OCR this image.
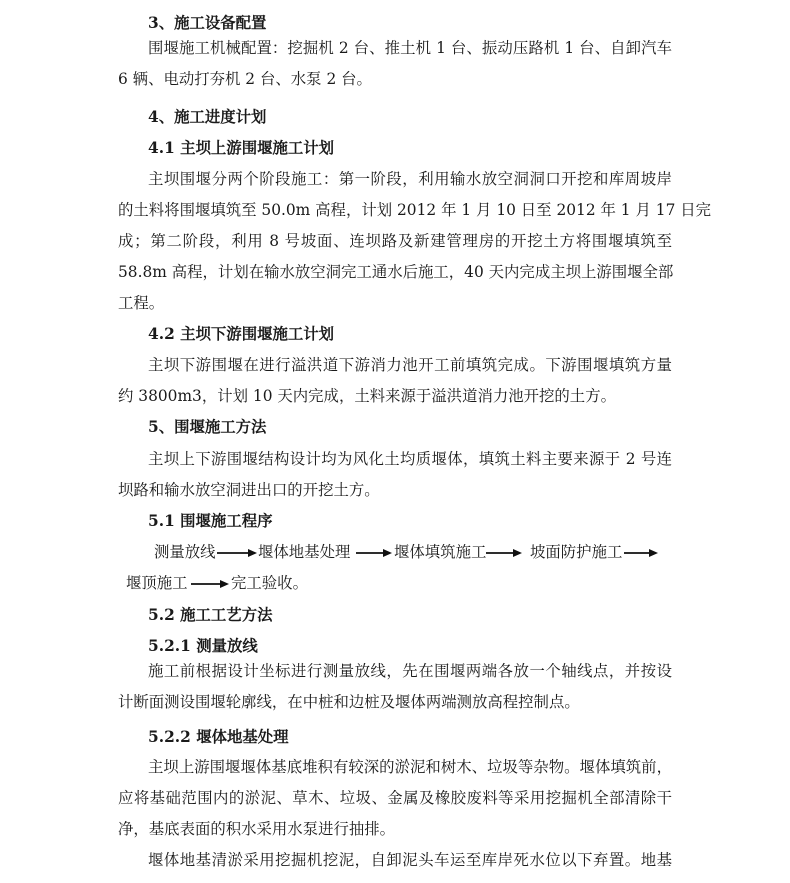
3、施工设备配置
围堰施工机械配置：挖掘机 2 台、推土机 1 台、振动压路机 1 台、自卸汽车
6 辆、电动打夯机 2 台、水泵 2 台。
4、施工进度计划
4.1 主坝上游围堰施工计划
主坝围堰分两个阶段施工：第一阶段，利用输水放空洞洞口开挖和库周坡岸
的土料将围堰填筑至 50.0m 高程，计划 2012 年 1 月 10 日至 2012 年 1 月 17 日完
成；第二阶段，利用 8 号坡面、连坝路及新建管理房的开挖土方将围堰填筑至
58.8m 高程，计划在输水放空洞完工通水后施工，40 天内完成主坝上游围堰全部
工程。
4.2 主坝下游围堰施工计划
主坝下游围堰在进行溢洪道下游消力池开工前填筑完成。下游围堰填筑方量
约 3800m3，计划 10 天内完成，土料来源于溢洪道消力池开挖的土方。
5、围堰施工方法
主坝上下游围堰结构设计均为风化土均质堰体，填筑土料主要来源于 2 号连
坝路和输水放空洞进出口的开挖土方。
5.1 围堰施工程序
测量放线	堰体地基处理	堰体填筑施工	坡面防护施工
堰顶施工	完工验收。
5.2 施工工艺方法
5.2.1 测量放线
施工前根据设计坐标进行测量放线，先在围堰两端各放一个轴线点，并按设
计断面测设围堰轮廓线，在中桩和边桩及堰体两端测放高程控制点。
5.2.2 堰体地基处理
主坝上游围堰堰体基底堆积有较深的淤泥和树木、垃圾等杂物。堰体填筑前，
应将基础范围内的淤泥、草木、垃圾、金属及橡胶废料等采用挖掘机全部清除干
净，基底表面的积水采用水泵进行抽排。
堰体地基清淤采用挖掘机挖泥，自卸泥头车运至库岸死水位以下弃置。地基
